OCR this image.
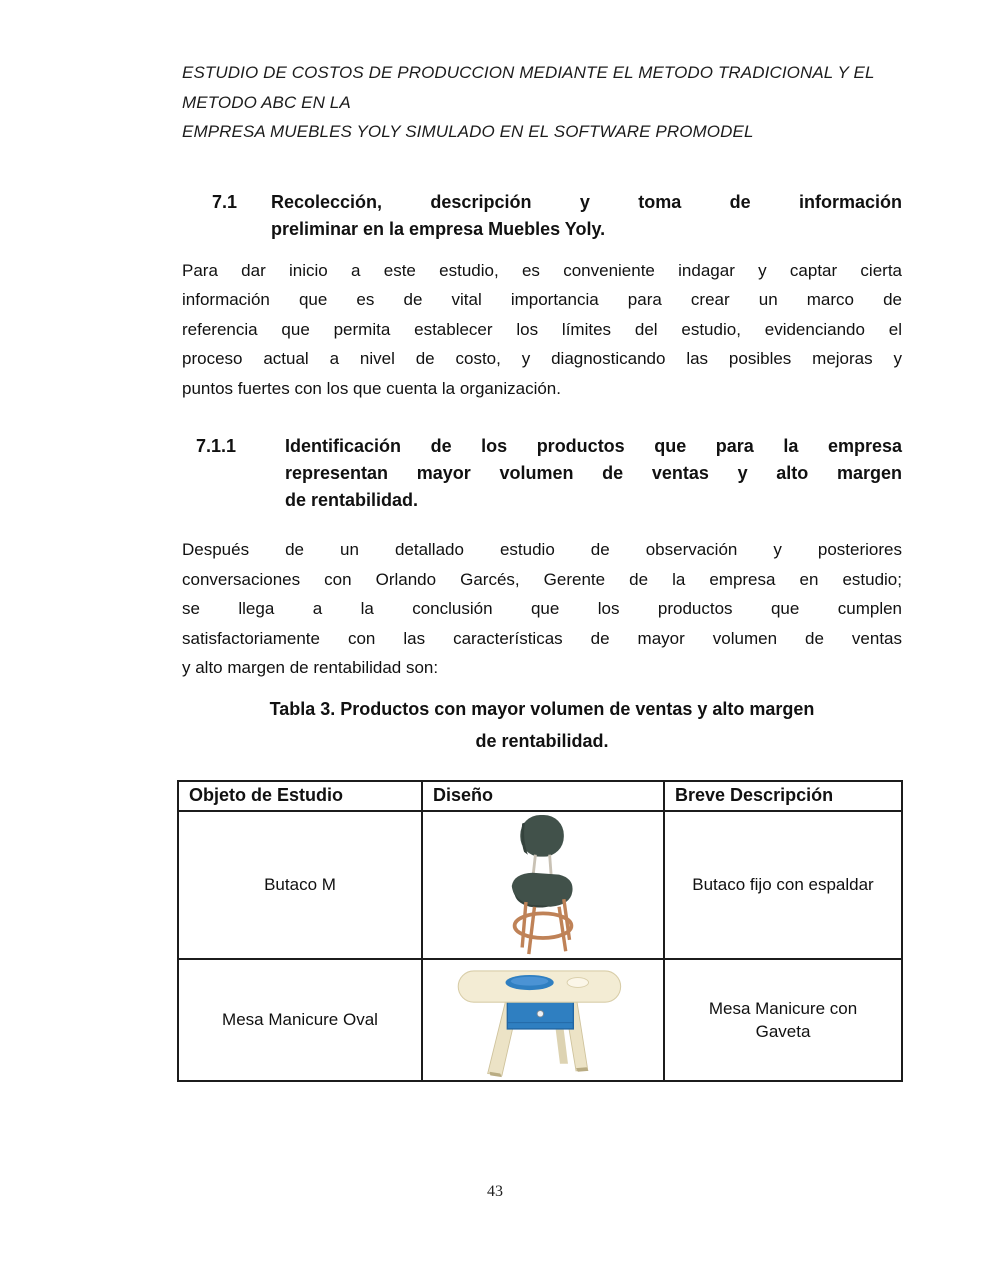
ESTUDIO DE COSTOS DE PRODUCCION MEDIANTE EL METODO TRADICIONAL Y EL METODO ABC EN LA
EMPRESA MUEBLES YOLY SIMULADO EN EL SOFTWARE PROMODEL
7.1	Recolección, descripción y toma de información
preliminar en la empresa Muebles Yoly.
Para dar inicio a este estudio, es conveniente indagar y captar cierta
información que es de vital importancia para crear un marco de
referencia que permita establecer los límites del estudio, evidenciando el
proceso actual a nivel de costo, y diagnosticando las posibles mejoras y
puntos fuertes con los que cuenta la organización.
7.1.1	Identificación de los productos que para la empresa
representan mayor volumen de ventas y alto margen
de rentabilidad.
Después de un detallado estudio de observación y posteriores
conversaciones con Orlando Garcés, Gerente de la empresa en estudio;
se llega a la conclusión que los productos que cumplen
satisfactoriamente con las características de mayor volumen de ventas
y alto margen de rentabilidad son:
Tabla 3. Productos con mayor volumen de ventas y alto margen
de rentabilidad.
Objeto de Estudio	Diseño	Breve Descripción
Butaco M		Butaco fijo con espaldar

Mesa Manicure Oval		Mesa Manicure con Gaveta
43
